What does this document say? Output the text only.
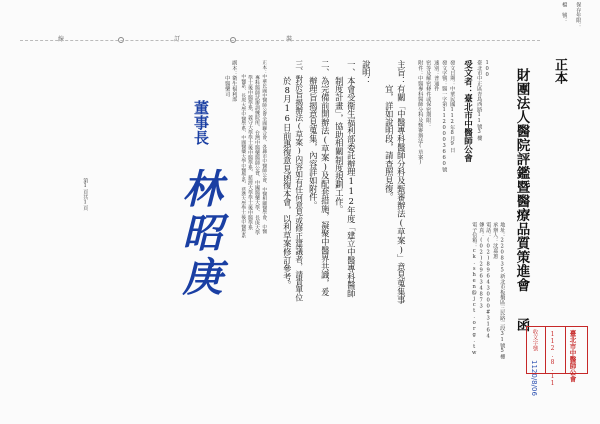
正本
檔　號： 保存年限：
財團法人醫院評鑑暨醫療品質策進會
函
地址：220835新北市板橋區三民路二段31號5樓
承辦人：沈嘉蕙
電話：(02)89643000#3164
傳真：(02)29634873
電子信箱：ck.shen@jct.org.tw
100
臺北市中正區青島西路11號3樓
受文者：臺北市中醫師公會
發文日期：中華民國112年8月9日
發文字號：醫一字第1120003660號
速別：普通件
密等及解密條件或保密期限：
附件：中醫專科醫師分科及甄審辦法(草案)
主旨：有關「中醫專科醫師分科及甄審辦法(草案)」意見蒐集事
　　　宜，詳如說明段，請查照見復。
說明：
一、本會受衛生福利部委託辦理112年度「建立中醫專科醫師
　　制度計畫」，協助相關制度規劃工作。
二、為完備前開辦法(草案)及配套措施，凝聚中醫界共識，爰
　　辦理旨揭意見蒐集，內容詳如附件。
三、對於旨揭辦法(草案)內容如有任何意見或修正建議者，請貴單位
　　於8月16日前惠復意見函復本會，以利草案修訂參考。
正本：中華民國中醫師公會全國聯合會、各縣市中醫師公會、中醫相關醫學會、中醫
　　　專科醫師試辦訓練院所、台灣中醫藥醫師公會、中國醫藥大學、長庚大學
　　　學士後中醫學系、義守大學學士後中醫學系、慈濟大學學士後中醫學系
　　　中醫系、長庚大學中醫學系、中國醫藥大學中醫學系、慈濟大學學士後中醫學系
副本：衛生福利部
　　　中醫藥司
董事長
林昭庚
第1頁共1頁
裝
訂
線
臺北市中醫師公會
112.8.11
收文字號
1120/8/06
